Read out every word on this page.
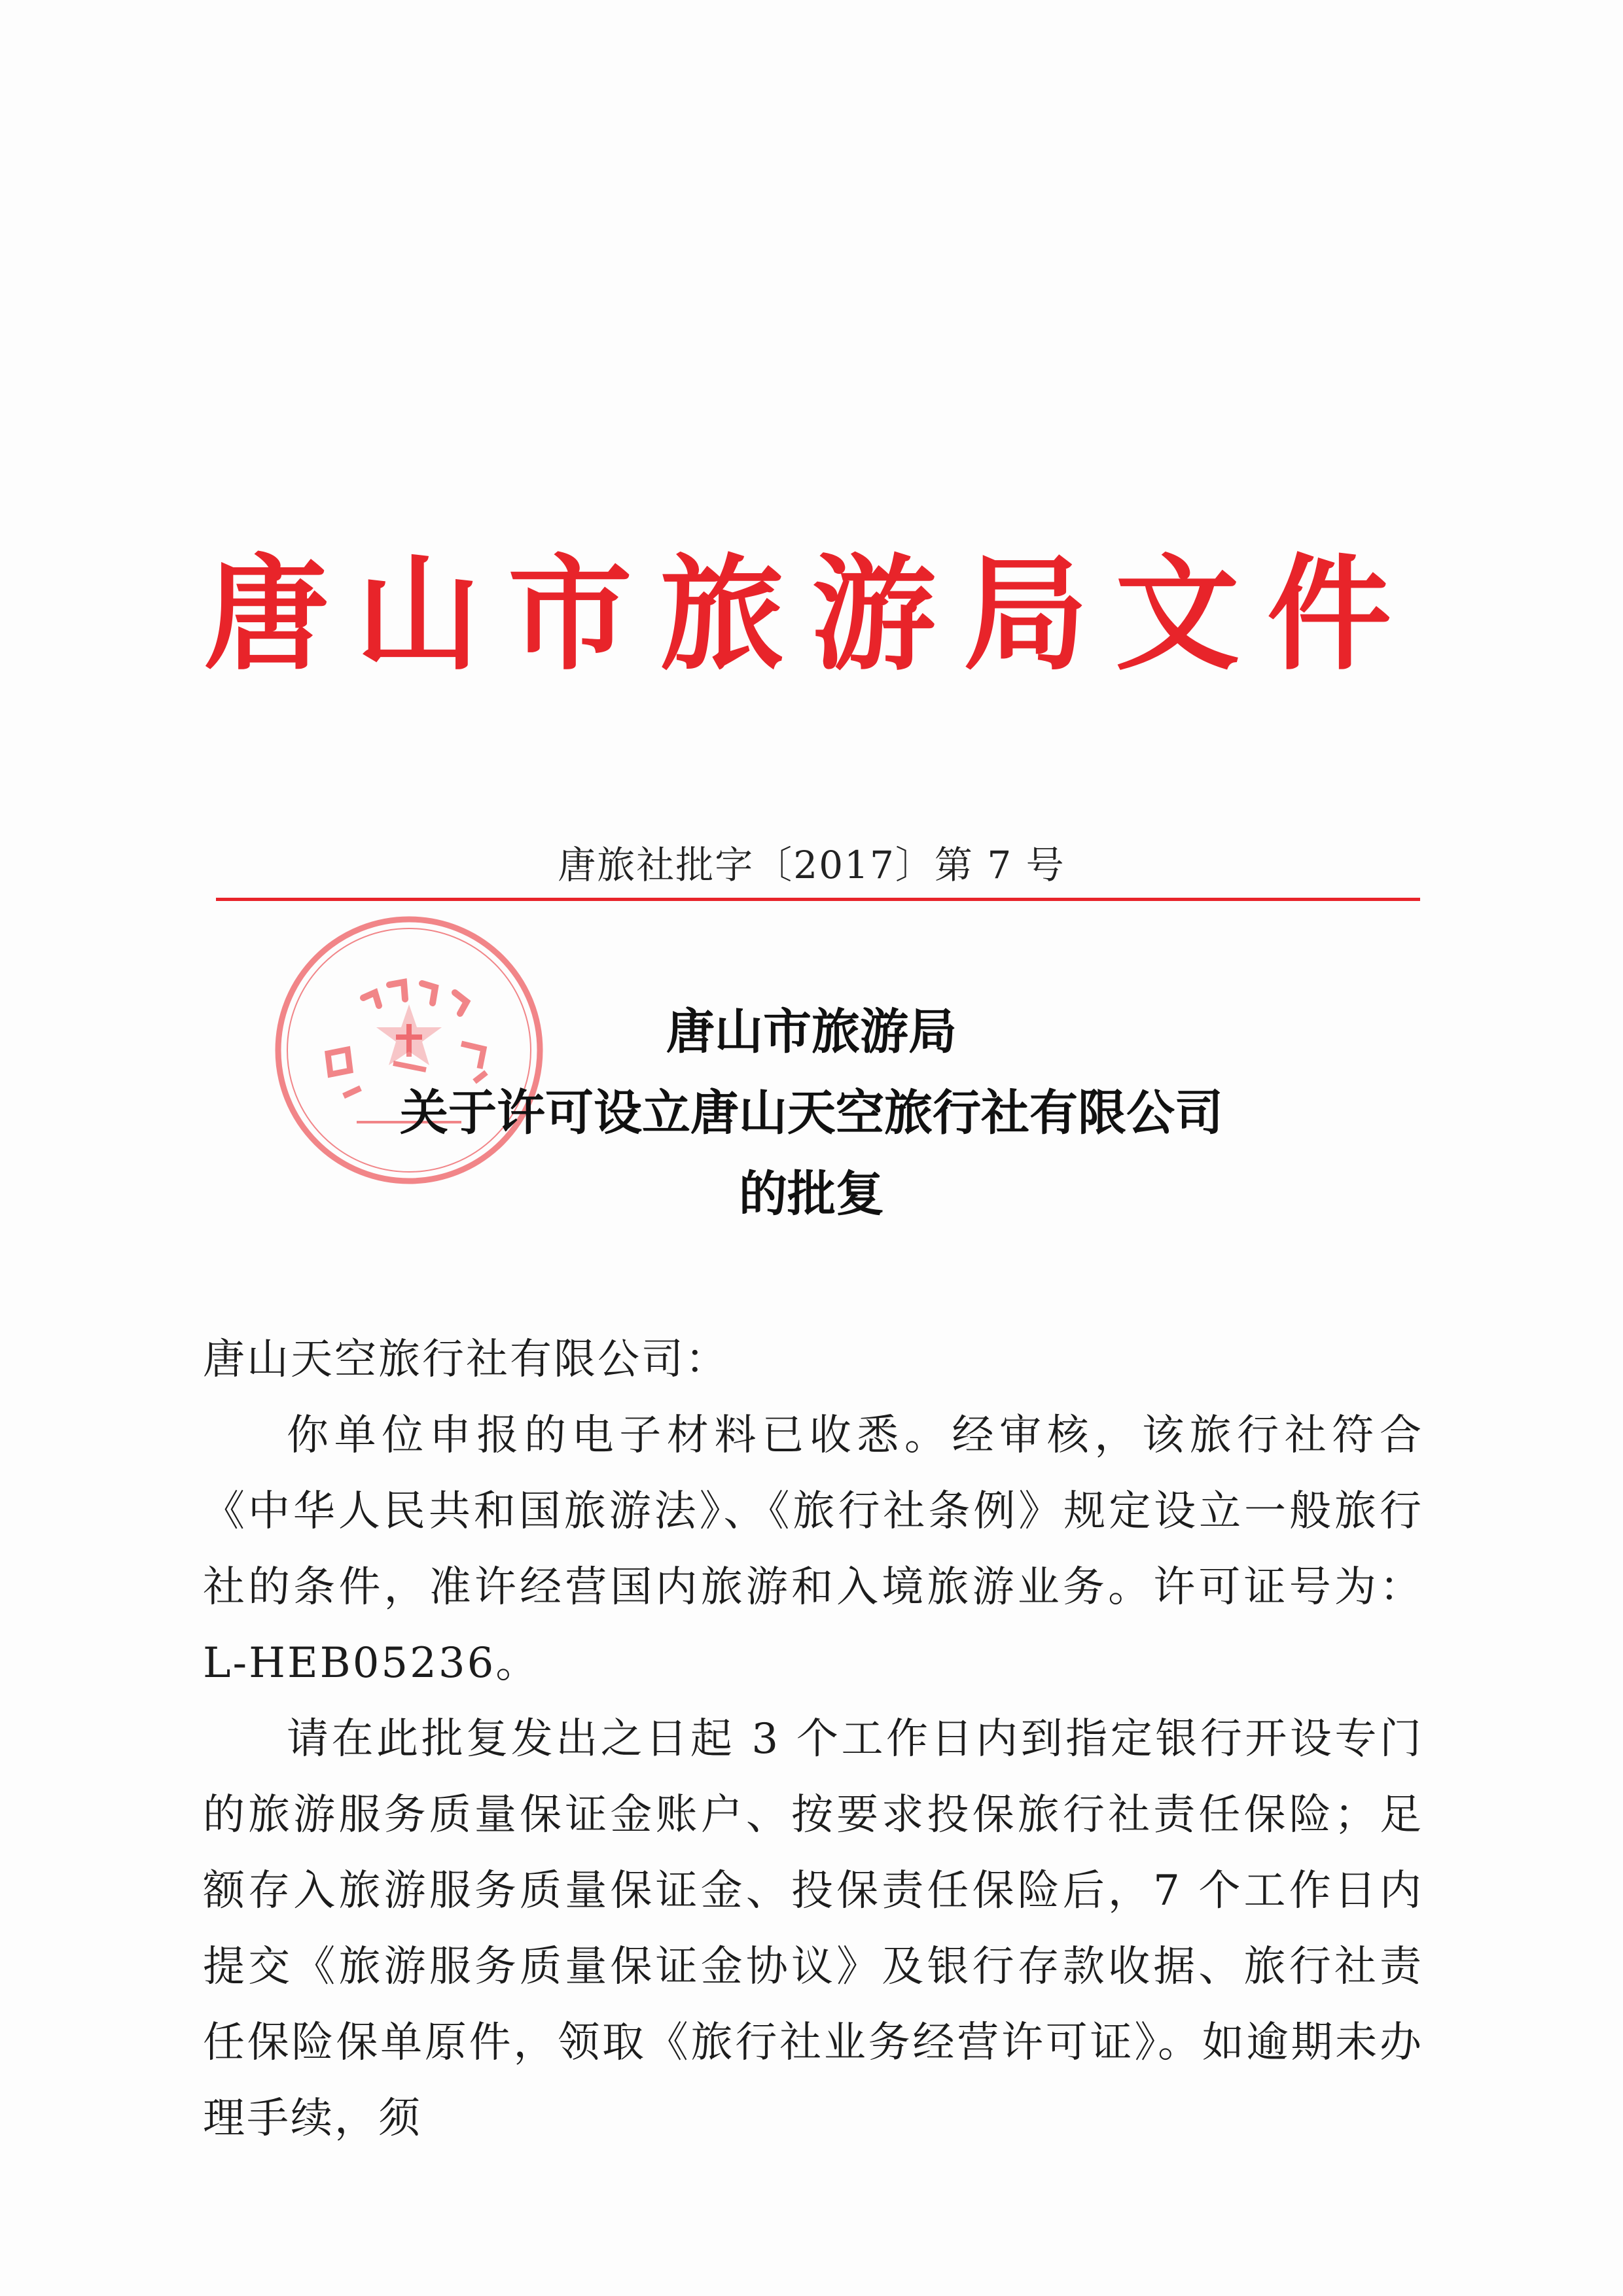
唐山市旅游局文件
唐旅社批字〔2017〕第 7 号
唐山市旅游局
关于许可设立唐山天空旅行社有限公司
的批复

唐山天空旅行社有限公司：

你单位申报的电子材料已收悉。经审核，该旅行社符合《中华人民共和国旅游法》、《旅行社条例》规定设立一般旅行社的条件，准许经营国内旅游和入境旅游业务。许可证号为：L-HEB05236。

请在此批复发出之日起 3 个工作日内到指定银行开设专门的旅游服务质量保证金账户、按要求投保旅行社责任保险；足额存入旅游服务质量保证金、投保责任保险后，7 个工作日内提交《旅游服务质量保证金协议》及银行存款收据、旅行社责任保险保单原件，领取《旅行社业务经营许可证》。如逾期未办理手续，须
